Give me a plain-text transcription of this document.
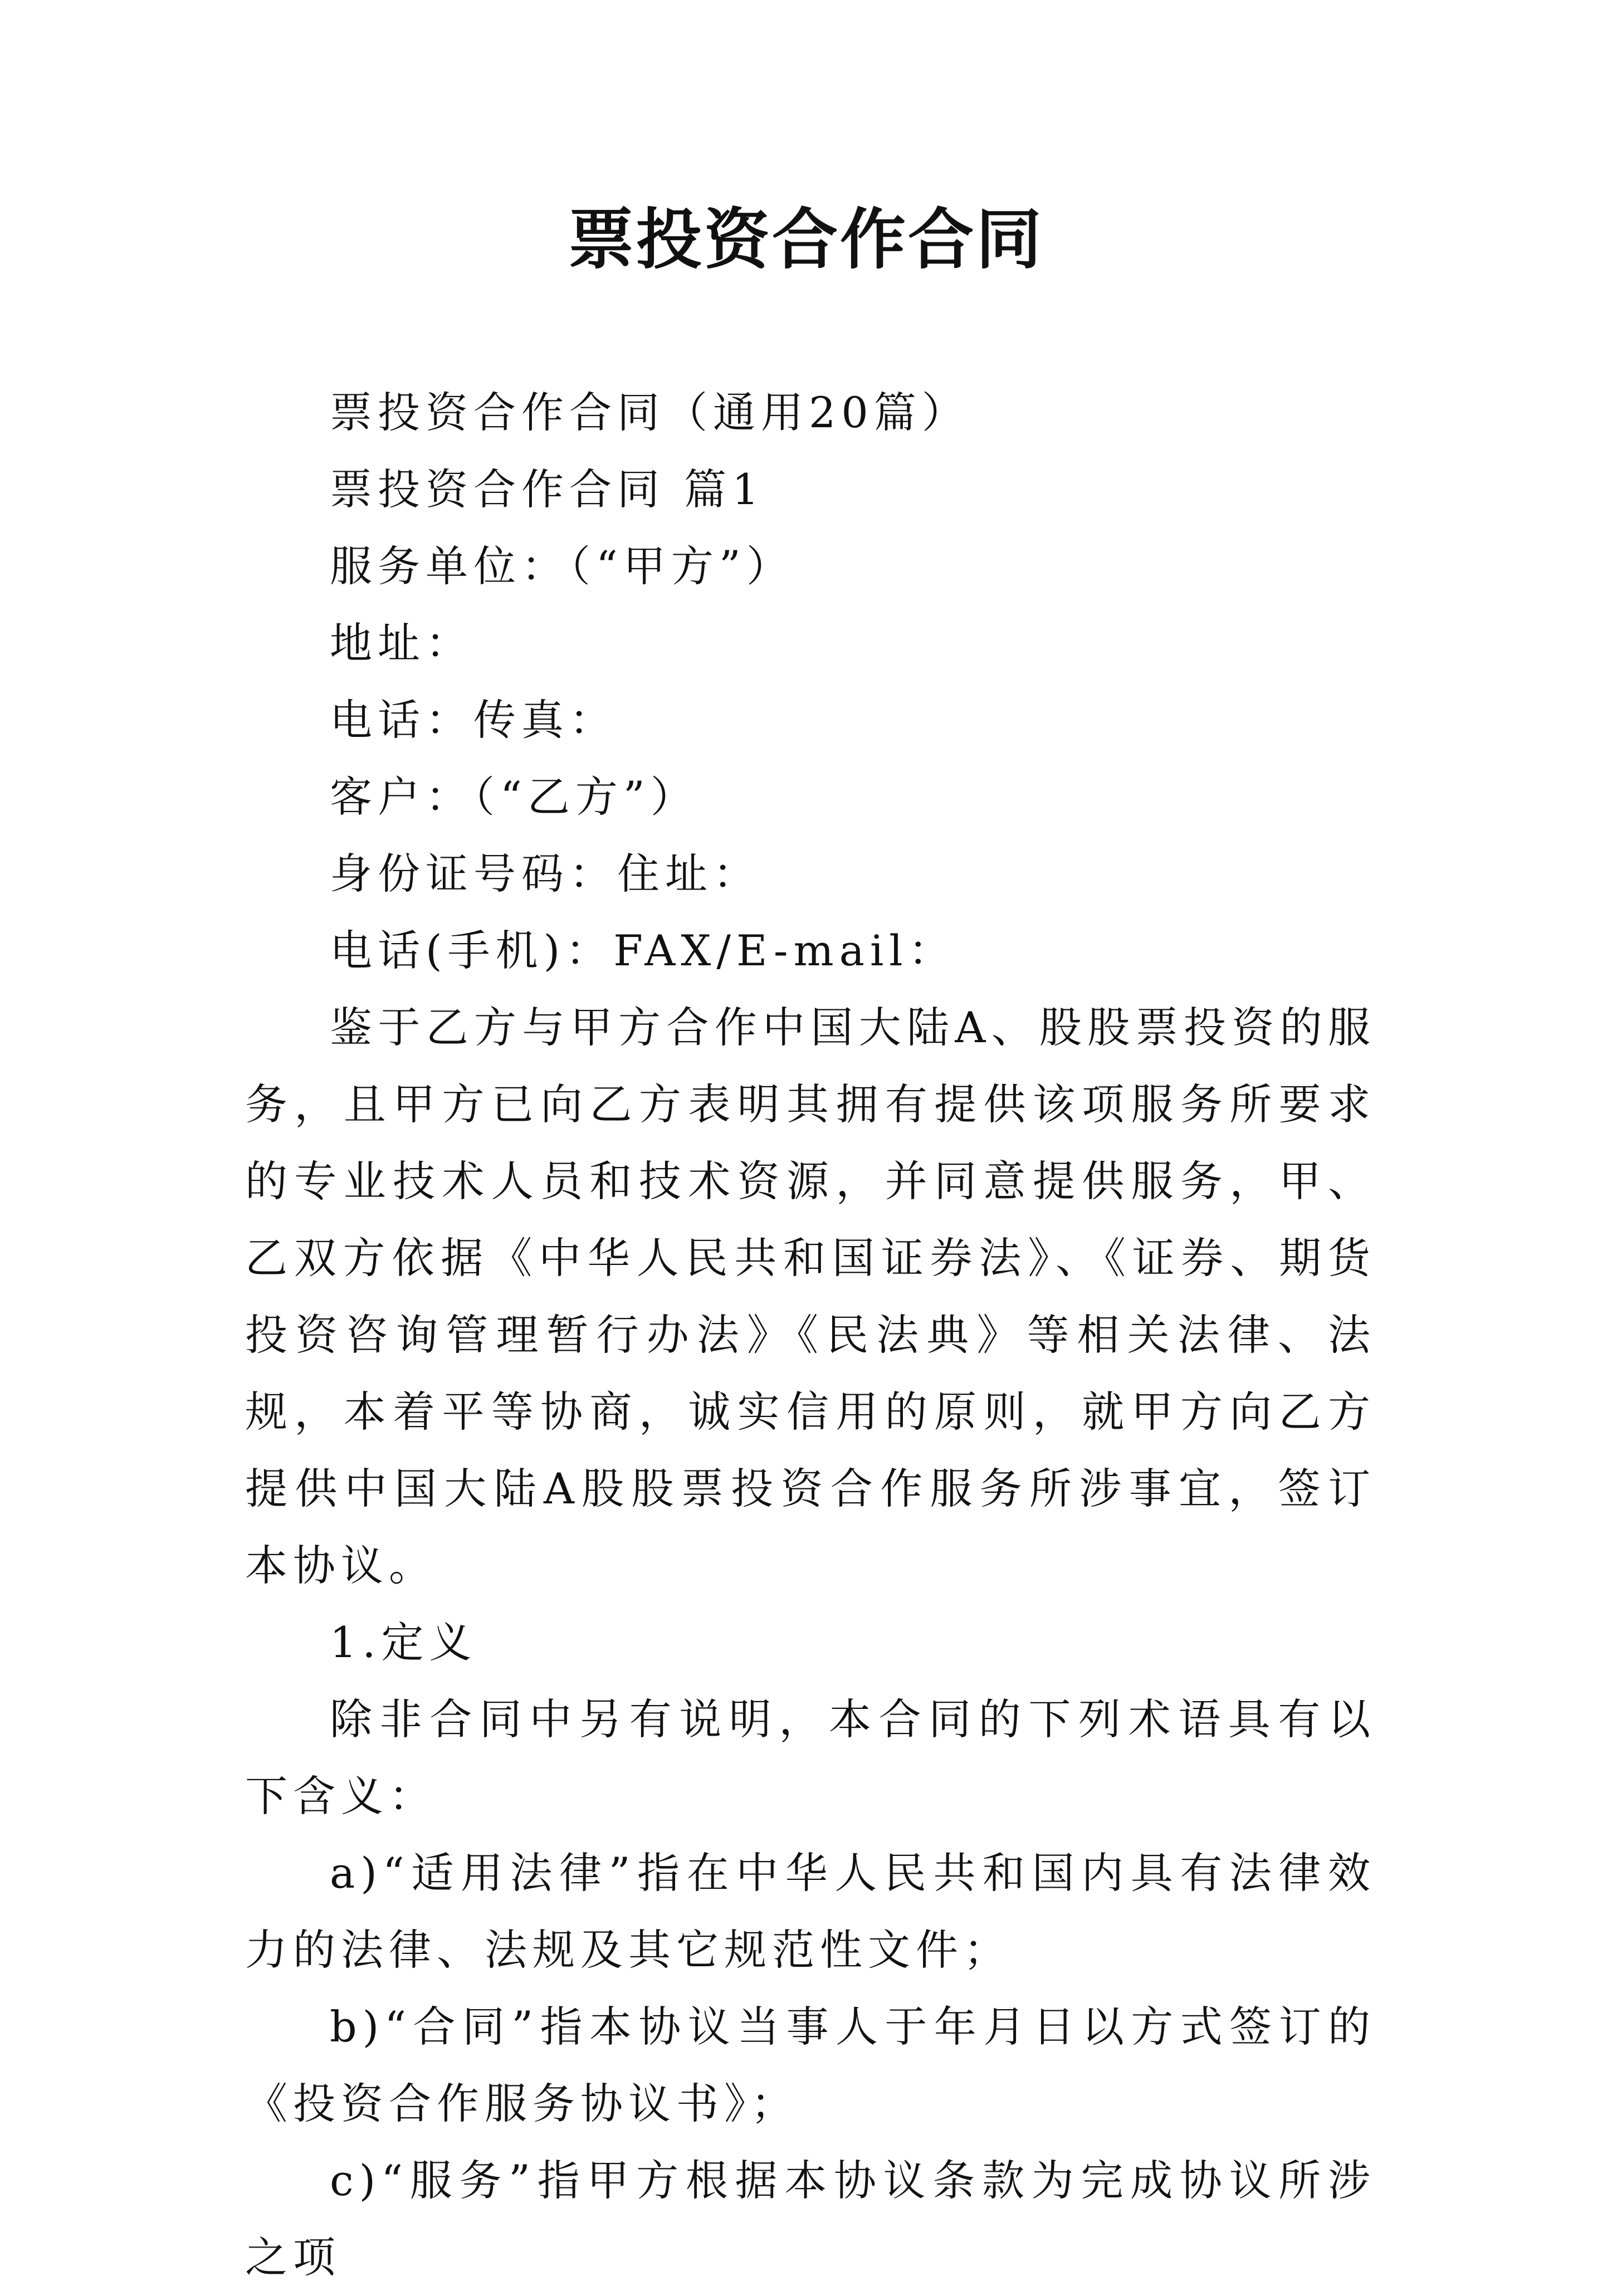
票投资合作合同

票投资合作合同（通用20篇）

票投资合作合同 篇1

服务单位：（“甲方”）

地址：

电话：传真：

客户：（“乙方”）

身份证号码：住址：

电话(手机)：FAX/E-mail：

鉴于乙方与甲方合作中国大陆A、股股票投资的服务，且甲方已向乙方表明其拥有提供该项服务所要求的专业技术人员和技术资源，并同意提供服务，甲、乙双方依据《中华人民共和国证券法》、《证券、期货投资咨询管理暂行办法》《民法典》等相关法律、法规，本着平等协商，诚实信用的原则，就甲方向乙方提供中国大陆A股股票投资合作服务所涉事宜，签订本协议。

1.定义

除非合同中另有说明，本合同的下列术语具有以下含义：

a)“适用法律”指在中华人民共和国内具有法律效力的法律、法规及其它规范性文件；

b)“合同”指本协议当事人于年月日以方式签订的《投资合作服务协议书》；

c)“服务”指甲方根据本协议条款为完成协议所涉之项
